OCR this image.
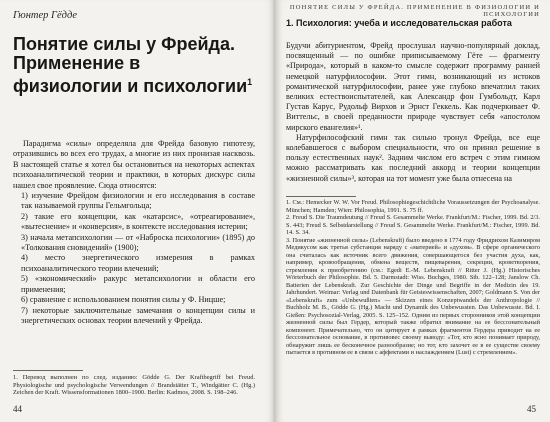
Гюнтер Гёдде
Понятие силы у Фрейда. Применение в физиологии и психологии$^1$

Парадигма «силы» определяла для Фрейда базовую гипотезу, отразившись во всех его трудах, а многие из них пронизая насквозь. В настоящей статье я хотел бы остановиться на некоторых аспектах психоаналитической теории и практики, в которых дискурс силы нашел свое проявление. Сюда относятся:

1) изучение Фрейдом физиологии и его исследования в составе так называемой группы Гельмгольца;

2) такие его концепции, как «катарсис», «отреагирование», «вытеснение» и «конверсия», в контексте исследования истерии;

3) начала метапсихологии — от «Наброска психологии» (1895) до «Толкования сновидений» (1900);

4) место энергетического измерения в рамках психоаналитического теории влечений;

5) «экономический» ракурс метапсихологии и области его применения;

6) сравнение с использованием понятия силы у Ф. Ницше;

7) некоторые заключительные замечания о концепции силы и энергетических основах теории влечений у Фрейда.

1. Перевод выполнен по след. изданию: Gödde G. Der Kraftbegriff bei Freud. Physiologische und psychologische Verwendungen // Brandstätter T., Windgätter C. (Hg.) Zeichen der Kraft. Wissensformationen 1800–1900. Berlin: Kadmos, 2008. S. 198–246.

44
ПОНЯТИЕ СИЛЫ У ФРЕЙДА. ПРИМЕНЕНИЕ В ФИЗИОЛОГИИ И ПСИХОЛОГИИ
1. Психология: учеба и исследовательская работа

Будучи абитуриентом, Фрейд прослушал научно-популярный доклад, посвященный — по ошибке приписываемому Гёте — фрагменту «Природа», который в каком-то смысле содержит программу ранней немецкой натурфилософии. Этот гимн, возникающий из истоков романтической натурфилософии, ранее уже глубоко впечатлил таких великих естествоиспытателей, как Александр фон Гумбольдт, Карл Густав Карус, Рудольф Вирхов и Эрнст Геккель. Как подчеркивает Ф. Виттельс, в своей преданности природе чувствует себя «апостолом мирского евангелия»¹.

Натурфилософский гимн так сильно тронул Фрейда, все еще колебавшегося с выбором специальности, что он принял решение в пользу естественных наук². Задним числом его встреч с этим гимном можно рассматривать как последний аккорд и теории концепции «жизненной силы»³, которая на тот момент уже была отнесена на

1. См.: Hemecker W. W. Vor Freud. Philosophiegeschichtliche Voraussetzungen der Psychoanalyse. München; Hamden; Wien: Philosophia, 1991. S. 75 ff.

2. Freud S. Die Traumdeutung // Freud S. Gesammelte Werke. Frankfurt/M.: Fischer, 1999. Bd. 2/3. S. 443; Freud S. Selbstdarstellung // Freud S. Gesammelte Werke. Frankfurt/M.: Fischer, 1999. Bd. 14. S. 34.

3. Понятие «жизненной силы» (Lebenskraft) было введено в 1774 году Фридрихом Казимиром Медикусом как третья субстанция наряду с «материей» и «духом». В сфере органического она считалась как источник всего движения, совершающегося без участия духа, как, например, кровообращения, обмена веществ, пищеварения, секреции, кроветворения, стремления к приобретению (см.: Egedi E.-M. Lebenskraft // Ritter J. (Hg.) Historisches Wörterbuch der Philosophie. Bd. 5. Darmstadt: Wiss. Buchges, 1980. Stb. 122–128; Janslow Ch. Batterien der Lebenskraft. Zur Geschichte der Dinge und Begriffe in der Medizin des 19. Jahrhundert. Weimar: Verlag und Datenbank für Geisteswissenschaften, 2007; Goldmann S. Von der «Lebenskraft» zum «Unbewußten» — Skizzen eines Konzeptwandels der Anthropologie // Buchholz M. B., Gödde G. (Hg.) Macht und Dynamik des Unbewussten. Das Unbewusste. Bd. I. Gießen: Psychosozial-Verlag, 2005. S. 125–152. Одним из первых сторонников этой концепции жизненной силы был Гердер, который также обратил внимание на ее бессознательный компонент. Примечательно, что он цитирует в рамках фрагментов Гердера приводит на ее бессознательное основание, в противовес своему выводу: «Тот, кто ясно понимает природу, обнаружит лишь ее бесконечное разнообразие; но тот, кто захочет ее в ее существе своему пытается в противном ее в связи с аффектами и наслаждением (Lust) с стремлением».

45
